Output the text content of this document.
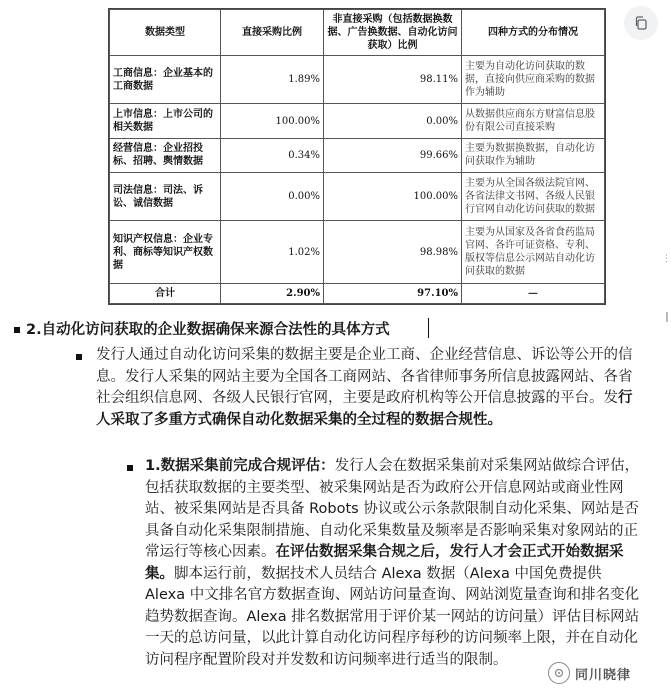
数据类型	直接采购比例	非直接采购（包括数据换数据、广告换数据、自动化访问获取）比例	四种方式的分布情况
工商信息：企业基本的工商数据	1.89%	98.11%	主要为自动化访问获取的数
据，直接向供应商采购的数据
作为辅助

上市信息：上市公司的相关数据	100.00%	0.00%	从数据供应商东方财富信息股
份有限公司直接采购

经营信息：企业招投标、招聘、舆情数据	0.34%	99.66%	主要为数据换数据，自动化访
问获取作为辅助

司法信息：司法、诉讼、诚信数据	0.00%	100.00%	主要为从全国各级法院官网、
各省法律文书网、各级人民银
行官网自动化访问获取的数据

知识产权信息：企业专利、商标等知识产权数据	1.02%	98.98%	主要为从国家及各省食药监局
官网、各许可证资格、专利、
版权等信息公示网站自动化访
问获取的数据

合计	2.90%	97.10%	—
⋮
2.自动化访问获取的企业数据确保来源合法性的具体方式
发行人通过自动化访问采集的数据主要是企业工商、企业经营信息、诉讼等公开的信息。发行人采集的网站主要为全国各工商网站、各省律师事务所信息披露网站、各省社会组织信息网、各级人民银行官网，主要是政府机构等公开信息披露的平台。发行人采取了多重方式确保自动化数据采集的全过程的数据合规性。
1.数据采集前完成合规评估：发行人会在数据采集前对采集网站做综合评估，包括获取数据的主要类型、被采集网站是否为政府公开信息网站或商业性网站、被采集网站是否具备 Robots 协议或公示条款限制自动化采集、网站是否具备自动化采集限制措施、自动化采集数量及频率是否影响采集对象网站的正常运行等核心因素。在评估数据采集合规之后，发行人才会正式开始数据采集。脚本运行前，数据技术人员结合 Alexa 数据（Alexa 中国免费提供 Alexa 中文排名官方数据查询、网站访问量查询、网站浏览量查询和排名变化趋势数据查询。Alexa 排名数据常用于评价某一网站的访问量）评估目标网站一天的总访问量，以此计算自动化访问程序每秒的访问频率上限，并在自动化访问程序配置阶段对并发数和访问频率进行适当的限制。
同川晓律
